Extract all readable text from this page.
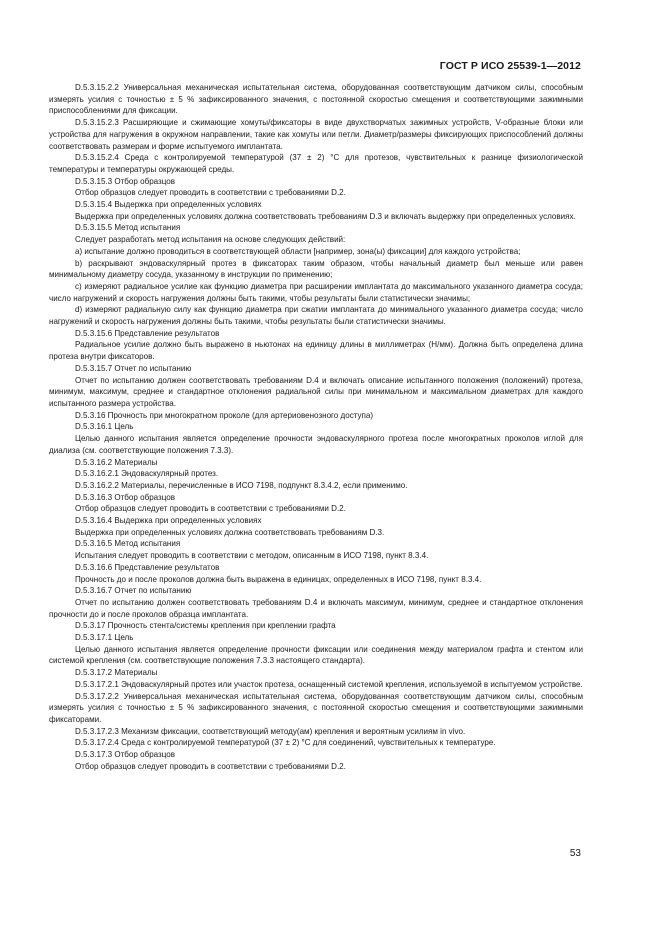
ГОСТ Р ИСО 25539-1—2012

D.5.3.15.2.2 Универсальная механическая испытательная система, оборудованная соответствующим датчиком силы, способным измерять усилия с точностью ± 5 % зафиксированного значения, с постоянной скоростью смещения и соответствующими зажимными приспособлениями для фиксации.

D.5.3.15.2.3 Расширяющие и сжимающие хомуты/фиксаторы в виде двухстворчатых зажимных устройств, V-образные блоки или устройства для нагружения в окружном направлении, такие как хомуты или петли. Диаметр/размеры фиксирующих приспособлений должны соответствовать размерам и форме испытуемого имплантата.

D.5.3.15.2.4 Среда с контролируемой температурой (37 ± 2) °С для протезов, чувствительных к разнице физиологической температуры и температуры окружающей среды.

D.5.3.15.3 Отбор образцов

Отбор образцов следует проводить в соответствии с требованиями D.2.

D.5.3.15.4 Выдержка при определенных условиях

Выдержка при определенных условиях должна соответствовать требованиям D.3 и включать выдержку при определенных условиях.

D.5.3.15.5 Метод испытания

Следует разработать метод испытания на основе следующих действий:

a) испытание должно проводиться в соответствующей области [например, зона(ы) фиксации] для каждого устройства;

b) раскрывают эндоваскулярный протез в фиксаторах таким образом, чтобы начальный диаметр был меньше или равен минимальному диаметру сосуда, указанному в инструкции по применению;

c) измеряют радиальное усилие как функцию диаметра при расширении имплантата до максимального указанного диаметра сосуда; число нагружений и скорость нагружения должны быть такими, чтобы результаты были статистически значимы;

d) измеряют радиальную силу как функцию диаметра при сжатии имплантата до минимального указанного диаметра сосуда; число нагружений и скорость нагружения должны быть такими, чтобы результаты были статистически значимы.

D.5.3.15.6 Представление результатов

Радиальное усилие должно быть выражено в ньютонах на единицу длины в миллиметрах (Н/мм). Должна быть определена длина протеза внутри фиксаторов.

D.5.3.15.7 Отчет по испытанию

Отчет по испытанию должен соответствовать требованиям D.4 и включать описание испытанного положения (положений) протеза, минимум, максимум, среднее и стандартное отклонения радиальной силы при минимальном и максимальном диаметрах для каждого испытанного размера устройства.

D.5.3.16 Прочность при многократном проколе (для артериовенозного доступа)

D.5.3.16.1 Цель

Целью данного испытания является определение прочности эндоваскулярного протеза после многократных проколов иглой для диализа (см. соответствующие положения 7.3.3).

D.5.3.16.2 Материалы

D.5.3.16.2.1 Эндоваскулярный протез.

D.5.3.16.2.2 Материалы, перечисленные в ИСО 7198, подпункт 8.3.4.2, если применимо.

D.5.3.16.3 Отбор образцов

Отбор образцов следует проводить в соответствии с требованиями D.2.

D.5.3.16.4 Выдержка при определенных условиях

Выдержка при определенных условиях должна соответствовать требованиям D.3.

D.5.3.16.5 Метод испытания

Испытания следует проводить в соответствии с методом, описанным в ИСО 7198, пункт 8.3.4.

D.5.3.16.6 Представление результатов

Прочность до и после проколов должна быть выражена в единицах, определенных в ИСО 7198, пункт 8.3.4.

D.5.3.16.7 Отчет по испытанию

Отчет по испытанию должен соответствовать требованиям D.4 и включать максимум, минимум, среднее и стандартное отклонения прочности до и после проколов образца имплантата.

D.5.3.17 Прочность стента/системы крепления при креплении графта

D.5.3.17.1 Цель

Целью данного испытания является определение прочности фиксации или соединения между материалом графта и стентом или системой крепления (см. соответствующие положения 7.3.3 настоящего стандарта).

D.5.3.17.2 Материалы

D.5.3.17.2.1 Эндоваскулярный протез или участок протеза, оснащенный системой крепления, используемой в испытуемом устройстве.

D.5.3.17.2.2 Универсальная механическая испытательная система, оборудованная соответствующим датчиком силы, способным измерять усилия с точностью ± 5 % зафиксированного значения, с постоянной скоростью смещения и соответствующими зажимными фиксаторами.

D.5.3.17.2.3 Механизм фиксации, соответствующий методу(ам) крепления и вероятным усилиям in vivo.

D.5.3.17.2.4 Среда с контролируемой температурой (37 ± 2) °С для соединений, чувствительных к температуре.

D.5.3.17.3 Отбор образцов

Отбор образцов следует проводить в соответствии с требованиями D.2.

53
